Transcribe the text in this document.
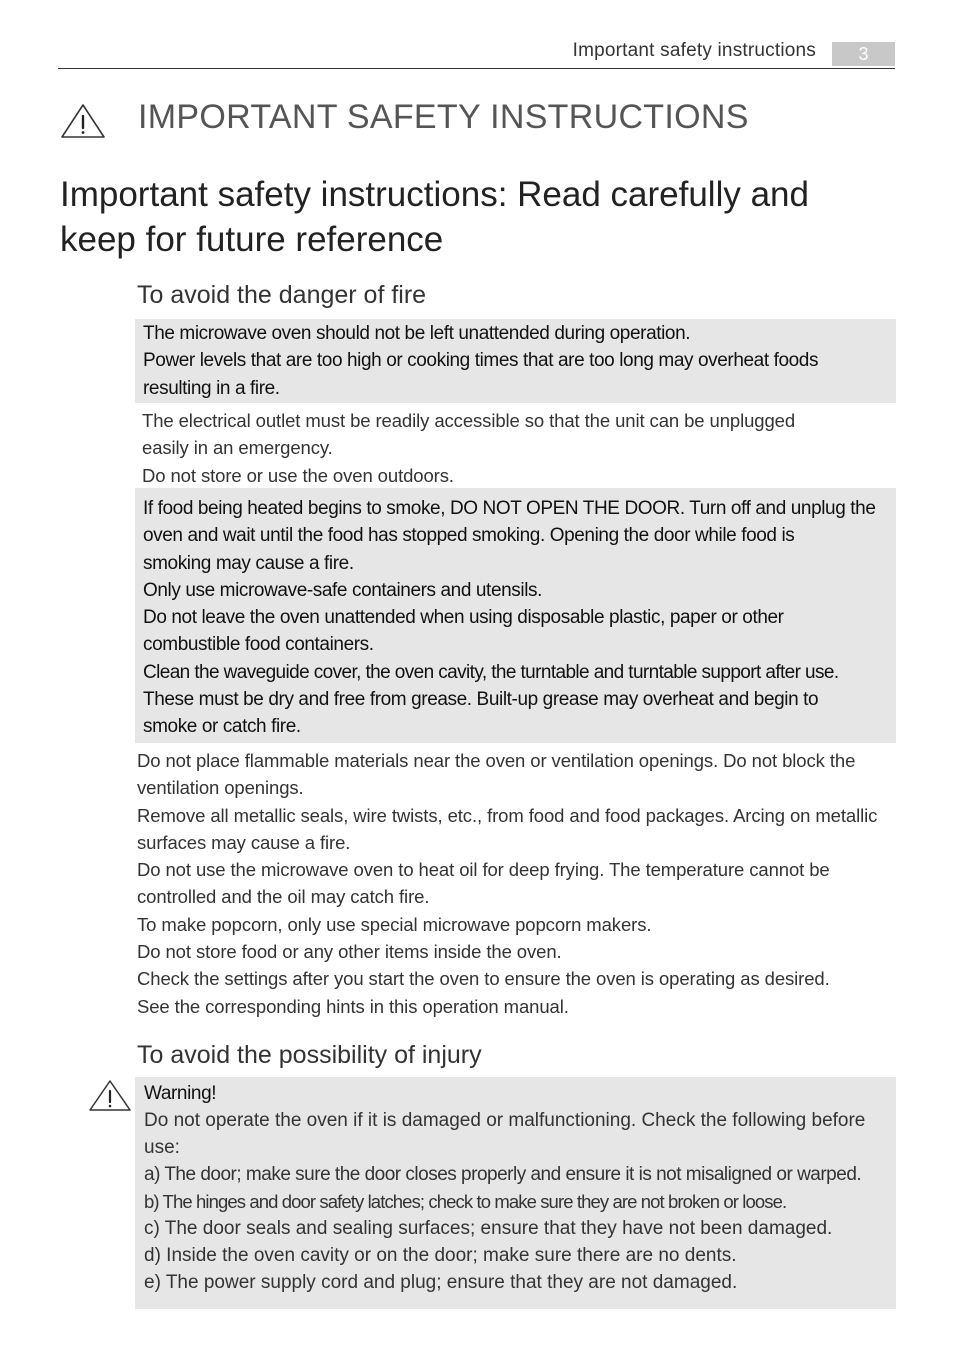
Important safety instructions	3
IMPORTANT SAFETY INSTRUCTIONS
Important safety instructions: Read carefully and keep for future reference
To avoid the danger of fire

The microwave oven should not be left unattended during operation.

Power levels that are too high or cooking times that are too long may overheat foods

resulting in a fire.

The electrical outlet must be readily accessible so that the unit can be unplugged

easily in an emergency.

Do not store or use the oven outdoors.

If food being heated begins to smoke, DO NOT OPEN THE DOOR. Turn off and unplug the

oven and wait until the food has stopped smoking. Opening the door while food is

smoking may cause a fire.

Only use microwave-safe containers and utensils.

Do not leave the oven unattended when using disposable plastic, paper or other

combustible food containers.

Clean the waveguide cover, the oven cavity, the turntable and turntable support after use.

These must be dry and free from grease. Built-up grease may overheat and begin to

smoke or catch fire.

Do not place flammable materials near the oven or ventilation openings. Do not block the

ventilation openings.

Remove all metallic seals, wire twists, etc., from food and food packages. Arcing on metallic

surfaces may cause a fire.

Do not use the microwave oven to heat oil for deep frying. The temperature cannot be

controlled and the oil may catch fire.

To make popcorn, only use special microwave popcorn makers.

Do not store food or any other items inside the oven.

Check the settings after you start the oven to ensure the oven is operating as desired.

See the corresponding hints in this operation manual.

To avoid the possibility of injury
Warning!
Do not operate the oven if it is damaged or malfunctioning. Check the following before
use:
a) The door; make sure the door closes properly and ensure it is not misaligned or warped.
b) The hinges and door safety latches; check to make sure they are not broken or loose.
c) The door seals and sealing surfaces; ensure that they have not been damaged.
d) Inside the oven cavity or on the door; make sure there are no dents.
e) The power supply cord and plug; ensure that they are not damaged.
